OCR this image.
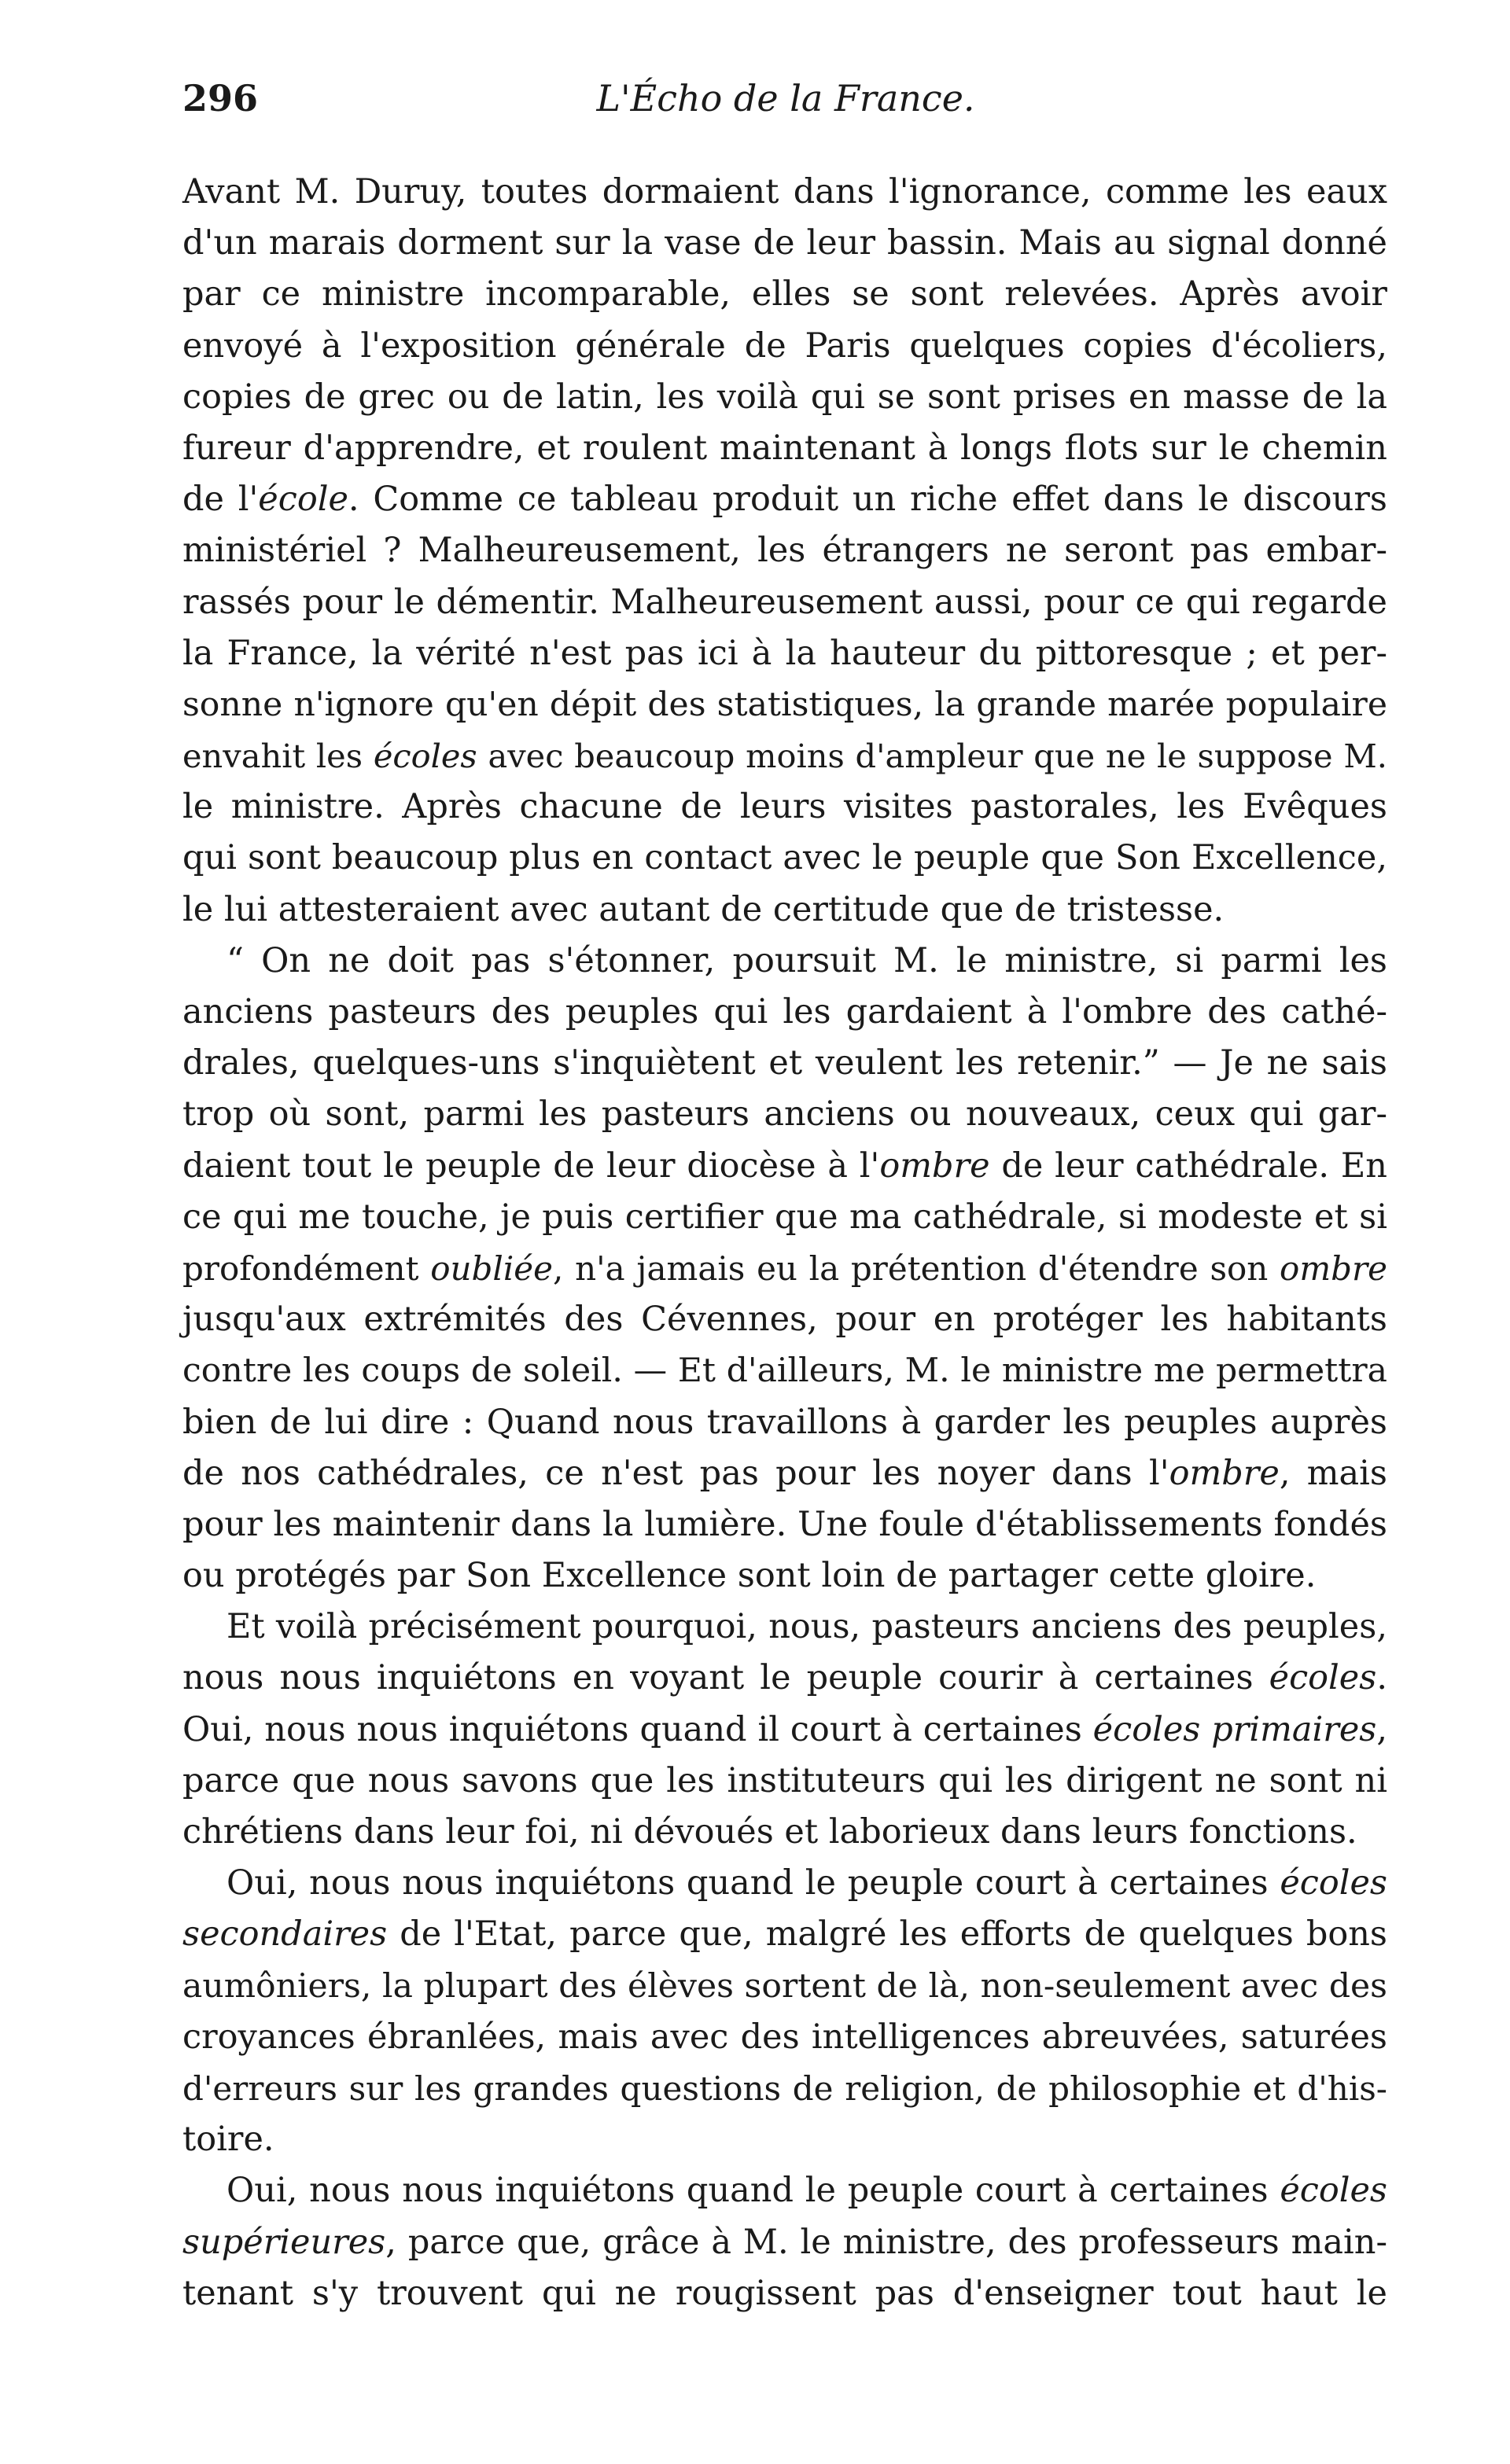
296	L'Écho de la France.
Avant M. Duruy, toutes dormaient dans l'ignorance, comme les eaux
d'un marais dorment sur la vase de leur bassin. Mais au signal donné
par ce ministre incomparable, elles se sont relevées. Après avoir
envoyé à l'exposition générale de Paris quelques copies d'écoliers,
copies de grec ou de latin, les voilà qui se sont prises en masse de la
fureur d'apprendre, et roulent maintenant à longs flots sur le chemin
de l'école. Comme ce tableau produit un riche effet dans le discours
ministériel ? Malheureusement, les étrangers ne seront pas embar-
rassés pour le démentir. Malheureusement aussi, pour ce qui regarde
la France, la vérité n'est pas ici à la hauteur du pittoresque ; et per-
sonne n'ignore qu'en dépit des statistiques, la grande marée populaire
envahit les écoles avec beaucoup moins d'ampleur que ne le suppose M.
le ministre. Après chacune de leurs visites pastorales, les Evêques
qui sont beaucoup plus en contact avec le peuple que Son Excellence,
le lui attesteraient avec autant de certitude que de tristesse.
“ On ne doit pas s'étonner, poursuit M. le ministre, si parmi les
anciens pasteurs des peuples qui les gardaient à l'ombre des cathé-
drales, quelques-uns s'inquiètent et veulent les retenir.” — Je ne sais
trop où sont, parmi les pasteurs anciens ou nouveaux, ceux qui gar-
daient tout le peuple de leur diocèse à l'ombre de leur cathédrale. En
ce qui me touche, je puis certifier que ma cathédrale, si modeste et si
profondément oubliée, n'a jamais eu la prétention d'étendre son ombre
jusqu'aux extrémités des Cévennes, pour en protéger les habitants
contre les coups de soleil. — Et d'ailleurs, M. le ministre me permettra
bien de lui dire : Quand nous travaillons à garder les peuples auprès
de nos cathédrales, ce n'est pas pour les noyer dans l'ombre, mais
pour les maintenir dans la lumière. Une foule d'établissements fondés
ou protégés par Son Excellence sont loin de partager cette gloire.
Et voilà précisément pourquoi, nous, pasteurs anciens des peuples,
nous nous inquiétons en voyant le peuple courir à certaines écoles.
Oui, nous nous inquiétons quand il court à certaines écoles primaires,
parce que nous savons que les instituteurs qui les dirigent ne sont ni
chrétiens dans leur foi, ni dévoués et laborieux dans leurs fonctions.
Oui, nous nous inquiétons quand le peuple court à certaines écoles
secondaires de l'Etat, parce que, malgré les efforts de quelques bons
aumôniers, la plupart des élèves sortent de là, non-seulement avec des
croyances ébranlées, mais avec des intelligences abreuvées, saturées
d'erreurs sur les grandes questions de religion, de philosophie et d'his-
toire.
Oui, nous nous inquiétons quand le peuple court à certaines écoles
supérieures, parce que, grâce à M. le ministre, des professeurs main-
tenant s'y trouvent qui ne rougissent pas d'enseigner tout haut le
